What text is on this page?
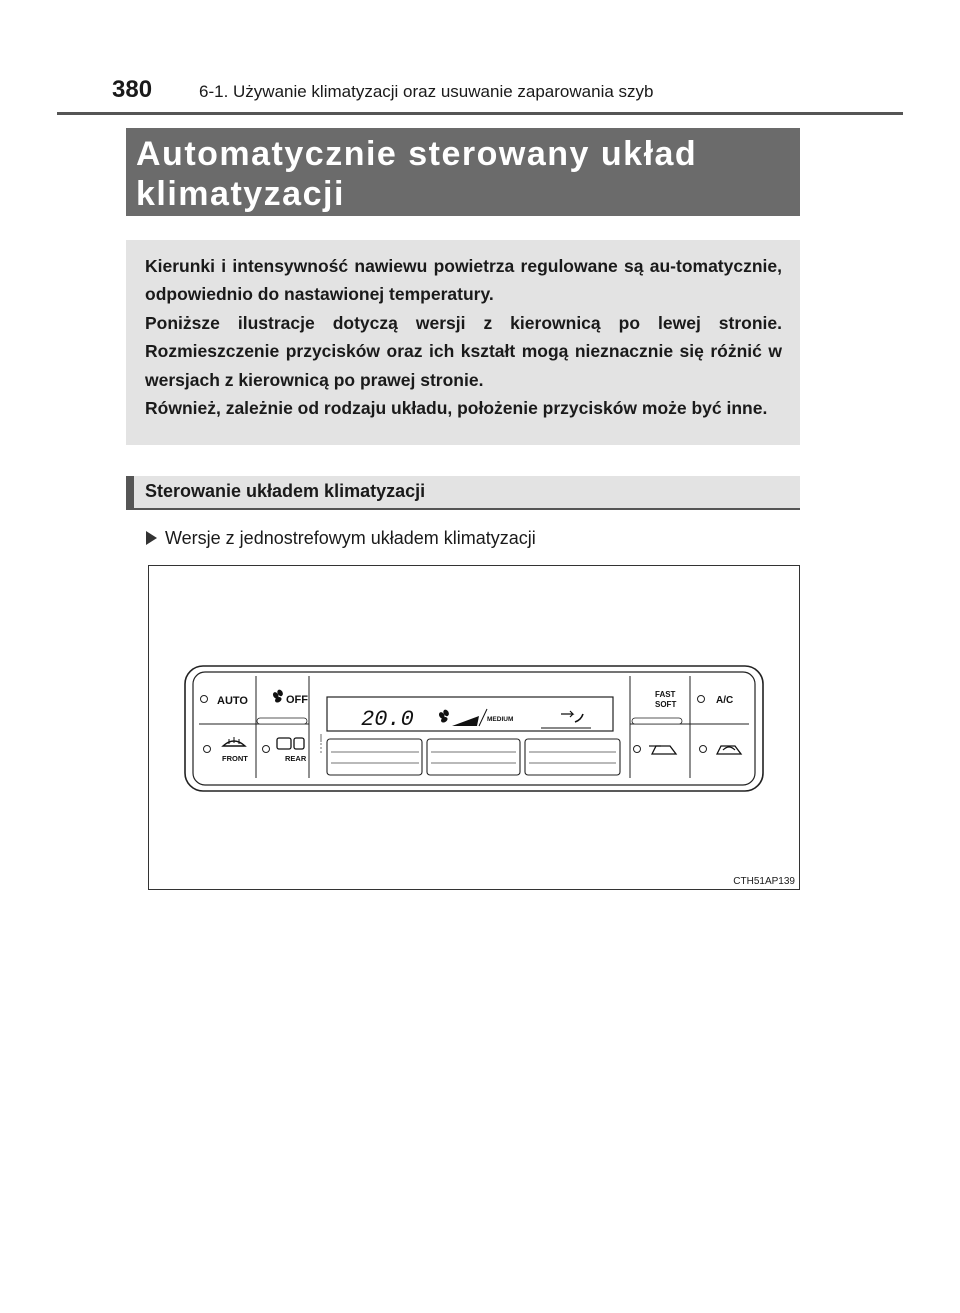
380	6-1. Używanie klimatyzacji oraz usuwanie zaparowania szyb
Automatycznie sterowany układ
klimatyzacji

Kierunki i intensywność nawiewu powietrza regulowane są au-tomatycznie, odpowiednio do nastawionej temperatury.

Poniższe ilustracje dotyczą wersji z kierownicą po lewej stronie. Rozmieszczenie przycisków oraz ich kształt mogą nieznacznie się różnić w wersjach z kierownicą po prawej stronie.

Również, zależnie od rodzaju układu, położenie przycisków może być inne.

Sterowanie układem klimatyzacji
Wersje z jednostrefowym układem klimatyzacji
AUTO	OFF
FRONT	REAR
20.0	MEDIUM
FAST
SOFT	A/C
CTH51AP139
